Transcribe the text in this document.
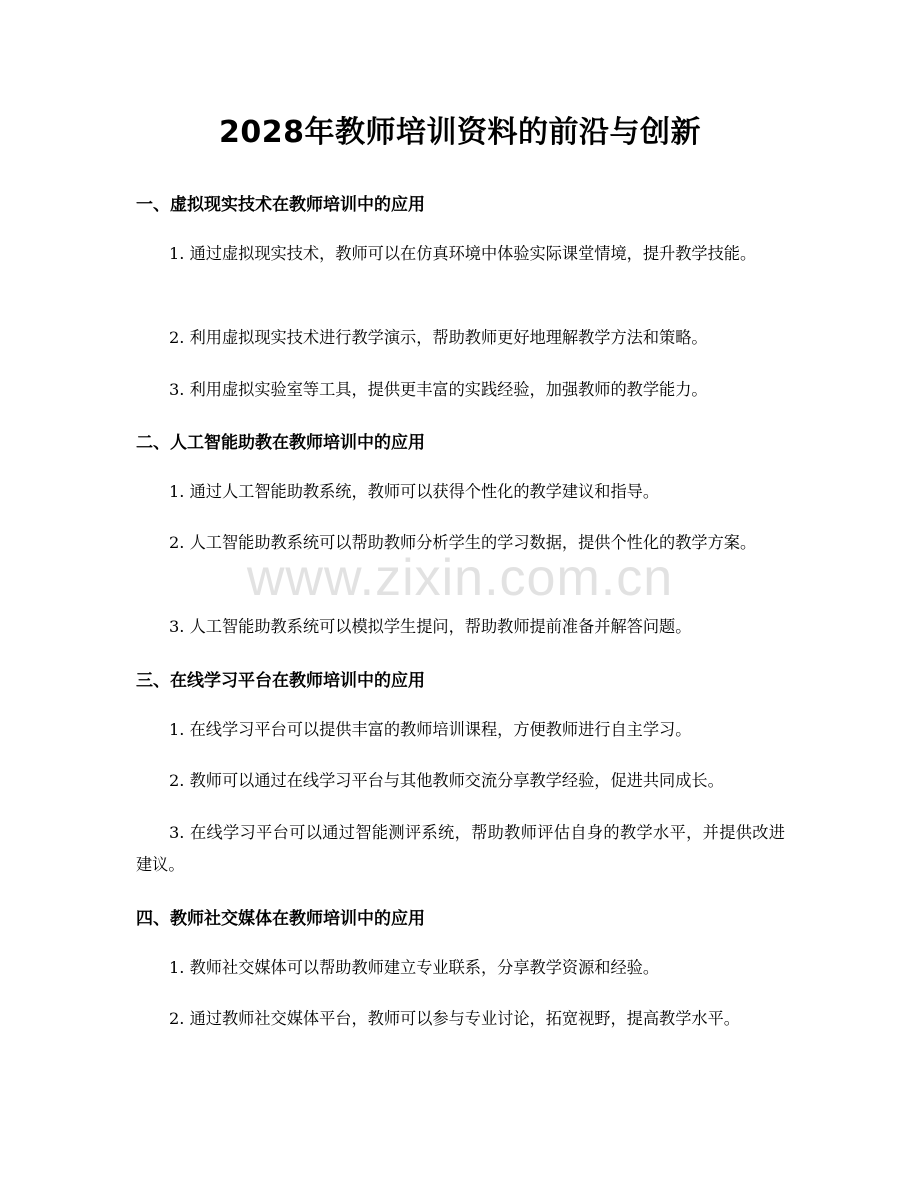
2028年教师培训资料的前沿与创新
一、虚拟现实技术在教师培训中的应用

1. 通过虚拟现实技术，教师可以在仿真环境中体验实际课堂情境，提升教学技能。

2. 利用虚拟现实技术进行教学演示，帮助教师更好地理解教学方法和策略。

3. 利用虚拟实验室等工具，提供更丰富的实践经验，加强教师的教学能力。

二、人工智能助教在教师培训中的应用

1. 通过人工智能助教系统，教师可以获得个性化的教学建议和指导。

2. 人工智能助教系统可以帮助教师分析学生的学习数据，提供个性化的教学方案。

3. 人工智能助教系统可以模拟学生提问，帮助教师提前准备并解答问题。

三、在线学习平台在教师培训中的应用

1. 在线学习平台可以提供丰富的教师培训课程，方便教师进行自主学习。

2. 教师可以通过在线学习平台与其他教师交流分享教学经验，促进共同成长。

3. 在线学习平台可以通过智能测评系统，帮助教师评估自身的教学水平，并提供改进建议。

四、教师社交媒体在教师培训中的应用

1. 教师社交媒体可以帮助教师建立专业联系，分享教学资源和经验。

2. 通过教师社交媒体平台，教师可以参与专业讨论，拓宽视野，提高教学水平。

www.zixin.com.cn
